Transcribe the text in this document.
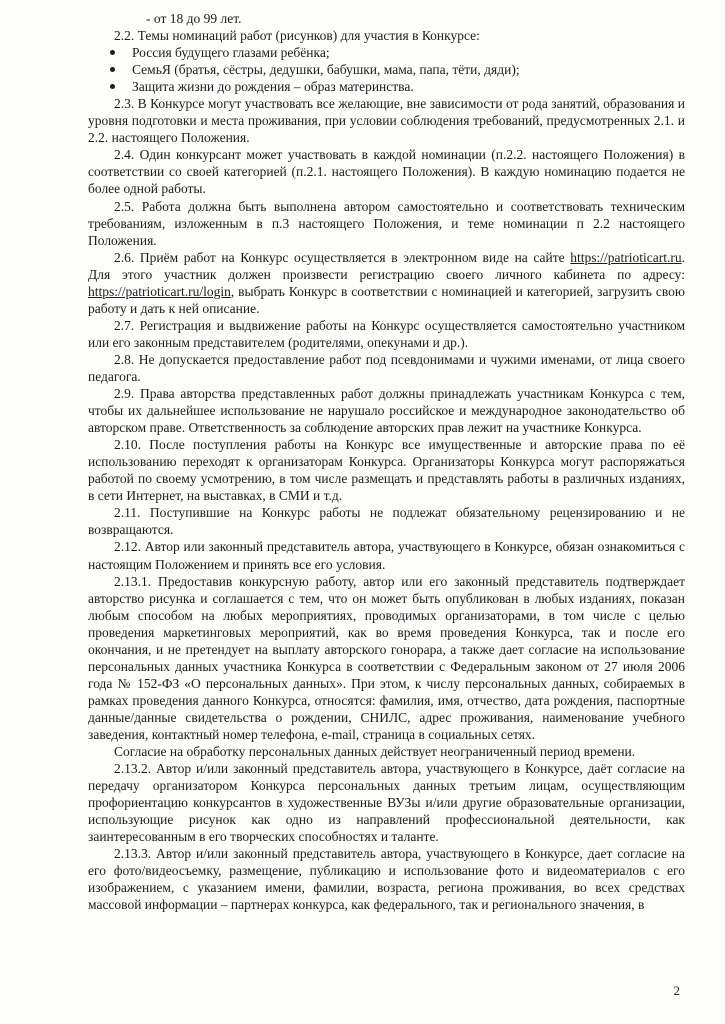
- от 18 до 99 лет.

2.2. Темы номинаций работ (рисунков) для участия в Конкурсе:

Россия будущего глазами ребёнка;
СемьЯ (братья, сёстры, дедушки, бабушки, мама, папа, тёти, дяди);
Защита жизни до рождения – образ материнства.

2.3. В Конкурсе могут участвовать все желающие, вне зависимости от рода занятий, образования и уровня подготовки и места проживания, при условии соблюдения требований, предусмотренных 2.1. и 2.2. настоящего Положения.

2.4. Один конкурсант может участвовать в каждой номинации (п.2.2. настоящего Положения) в соответствии со своей категорией (п.2.1. настоящего Положения). В каждую номинацию подается не более одной работы.

2.5. Работа должна быть выполнена автором самостоятельно и соответствовать техническим требованиям, изложенным в п.3 настоящего Положения, и теме номинации п 2.2 настоящего Положения.

2.6. Приём работ на Конкурс осуществляется в электронном виде на сайте https://patrioticart.ru. Для этого участник должен произвести регистрацию своего личного кабинета по адресу: https://patrioticart.ru/login, выбрать Конкурс в соответствии с номинацией и категорией, загрузить свою работу и дать к ней описание.

2.7. Регистрация и выдвижение работы на Конкурс осуществляется самостоятельно участником или его законным представителем (родителями, опекунами и др.).

2.8. Не допускается предоставление работ под псевдонимами и чужими именами, от лица своего педагога.

2.9. Права авторства представленных работ должны принадлежать участникам Конкурса с тем, чтобы их дальнейшее использование не нарушало российское и международное законодательство об авторском праве. Ответственность за соблюдение авторских прав лежит на участнике Конкурса.

2.10. После поступления работы на Конкурс все имущественные и авторские права по её использованию переходят к организаторам Конкурса. Организаторы Конкурса могут распоряжаться работой по своему усмотрению, в том числе размещать и представлять работы в различных изданиях, в сети Интернет, на выставках, в СМИ и т.д.

2.11. Поступившие на Конкурс работы не подлежат обязательному рецензированию и не возвращаются.

2.12. Автор или законный представитель автора, участвующего в Конкурсе, обязан ознакомиться с настоящим Положением и принять все его условия.

2.13.1. Предоставив конкурсную работу, автор или его законный представитель подтверждает авторство рисунка и соглашается с тем, что он может быть опубликован в любых изданиях, показан любым способом на любых мероприятиях, проводимых организаторами, в том числе с целью проведения маркетинговых мероприятий, как во время проведения Конкурса, так и после его окончания, и не претендует на выплату авторского гонорара, а также дает согласие на использование персональных данных участника Конкурса в соответствии с Федеральным законом от 27 июля 2006 года № 152-ФЗ «О персональных данных». При этом, к числу персональных данных, собираемых в рамках проведения данного Конкурса, относятся: фамилия, имя, отчество, дата рождения, паспортные данные/данные свидетельства о рождении, СНИЛС, адрес проживания, наименование учебного заведения, контактный номер телефона, e-mail, страница в социальных сетях.

Согласие на обработку персональных данных действует неограниченный период времени.

2.13.2. Автор и/или законный представитель автора, участвующего в Конкурсе, даёт согласие на передачу организатором Конкурса персональных данных третьим лицам, осуществляющим профориентацию конкурсантов в художественные ВУЗы и/или другие образовательные организации, использующие рисунок как одно из направлений профессиональной деятельности, как заинтересованным в его творческих способностях и таланте.

2.13.3. Автор и/или законный представитель автора, участвующего в Конкурсе, дает согласие на его фото/видеосъемку, размещение, публикацию и использование фото и видеоматериалов с его изображением, с указанием имени, фамилии, возраста, региона проживания, во всех средствах массовой информации – партнерах конкурса, как федерального, так и регионального значения, в

2
